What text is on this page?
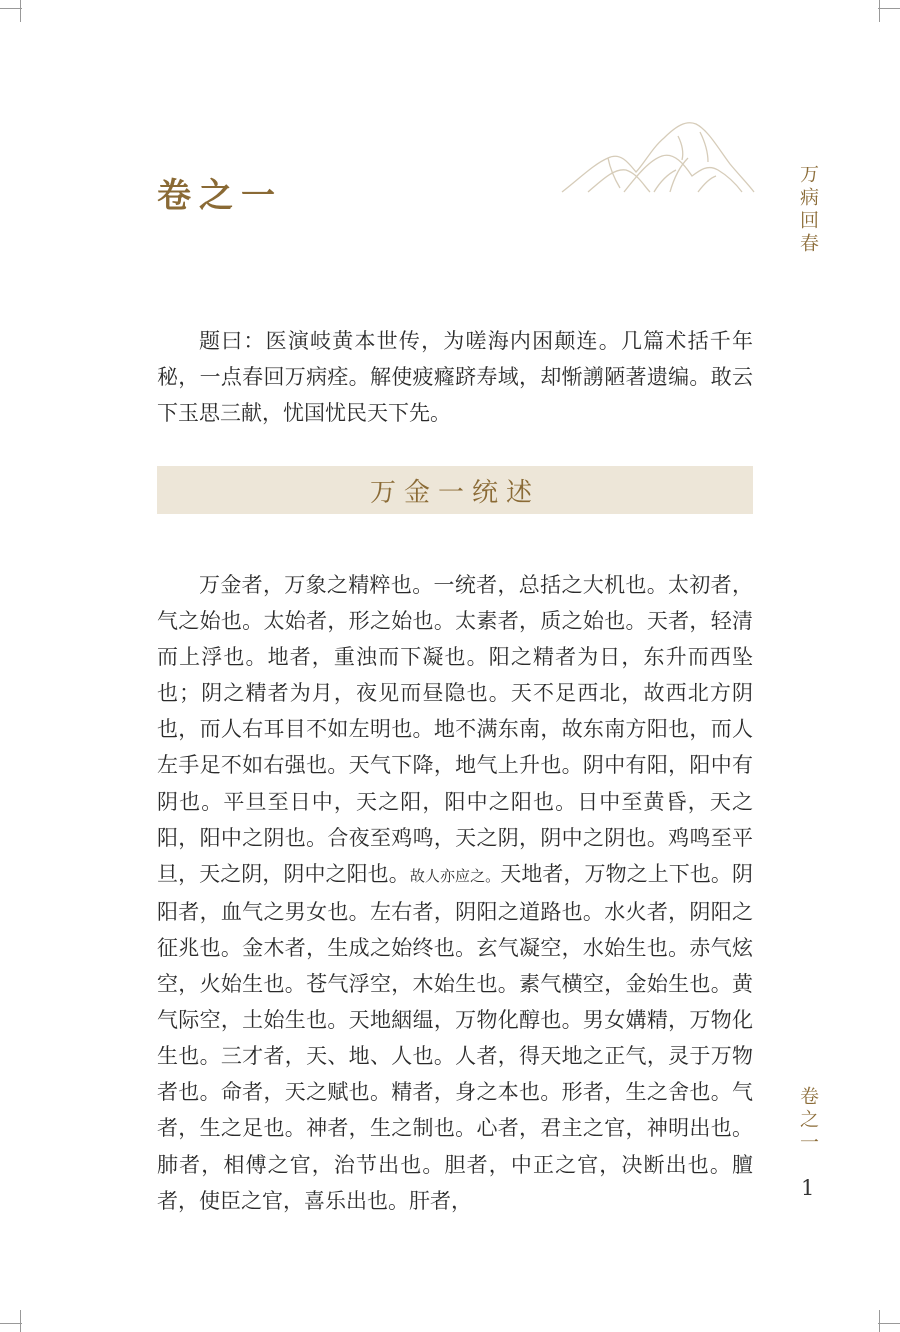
卷之一	万病回春

题曰：医演岐黄本世传，为嗟海内困颠连。几篇术括千年秘，一点春回万病痊。解使疲癃跻寿域，却惭謭陋著遗编。敢云下玉思三献，忧国忧民天下先。

万金一统述

万金者，万象之精粹也。一统者，总括之大机也。太初者，气之始也。太始者，形之始也。太素者，质之始也。天者，轻清而上浮也。地者，重浊而下凝也。阳之精者为日，东升而西坠也；阴之精者为月，夜见而昼隐也。天不足西北，故西北方阴也，而人右耳目不如左明也。地不满东南，故东南方阳也，而人左手足不如右强也。天气下降，地气上升也。阴中有阳，阳中有阴也。平旦至日中，天之阳，阳中之阳也。日中至黄昏，天之阳，阳中之阴也。合夜至鸡鸣，天之阴，阴中之阴也。鸡鸣至平旦，天之阴，阴中之阳也。故人亦应之。天地者，万物之上下也。阴阳者，血气之男女也。左右者，阴阳之道路也。水火者，阴阳之征兆也。金木者，生成之始终也。玄气凝空，水始生也。赤气炫空，火始生也。苍气浮空，木始生也。素气横空，金始生也。黄气际空，土始生也。天地絪缊，万物化醇也。男女媾精，万物化生也。三才者，天、地、人也。人者，得天地之正气，灵于万物者也。命者，天之赋也。精者，身之本也。形者，生之舍也。气者，生之足也。神者，生之制也。心者，君主之官，神明出也。肺者，相傅之官，治节出也。胆者，中正之官，决断出也。膻者，使臣之官，喜乐出也。肝者，

卷之一
1
